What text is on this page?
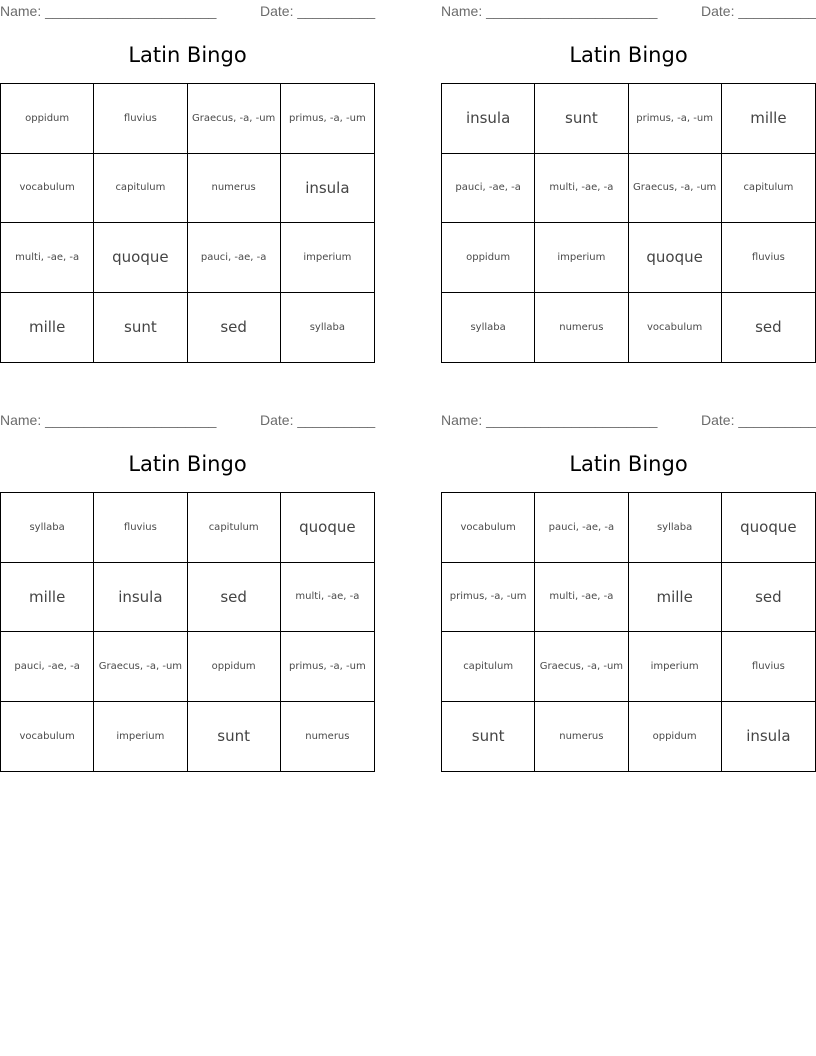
Name: ______________________	Date: __________
Latin Bingo
oppidum	fluvius	Graecus, -a, -um	primus, -a, -um
vocabulum	capitulum	numerus	insula
multi, -ae, -a	quoque	pauci, -ae, -a	imperium
mille	sunt	sed	syllaba
Name: ______________________	Date: __________
Latin Bingo
insula	sunt	primus, -a, -um	mille
pauci, -ae, -a	multi, -ae, -a	Graecus, -a, -um	capitulum
oppidum	imperium	quoque	fluvius
syllaba	numerus	vocabulum	sed
Name: ______________________	Date: __________
Latin Bingo
syllaba	fluvius	capitulum	quoque
mille	insula	sed	multi, -ae, -a
pauci, -ae, -a	Graecus, -a, -um	oppidum	primus, -a, -um
vocabulum	imperium	sunt	numerus
Name: ______________________	Date: __________
Latin Bingo
vocabulum	pauci, -ae, -a	syllaba	quoque
primus, -a, -um	multi, -ae, -a	mille	sed
capitulum	Graecus, -a, -um	imperium	fluvius
sunt	numerus	oppidum	insula
